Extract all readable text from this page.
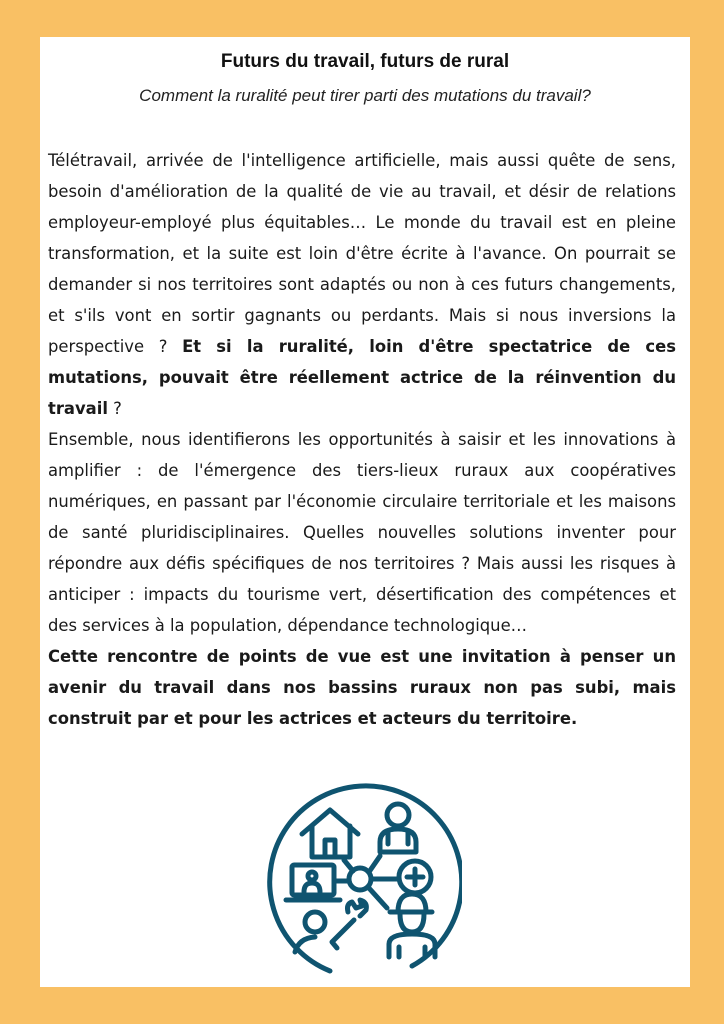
Futurs du travail, futurs de rural
Comment la ruralité peut tirer parti des mutations du travail?

Télétravail, arrivée de l'intelligence artificielle, mais aussi quête de sens, besoin d'amélioration de la qualité de vie au travail, et désir de relations employeur-employé plus équitables… Le monde du travail est en pleine transformation, et la suite est loin d'être écrite à l'avance. On pourrait se demander si nos territoires sont adaptés ou non à ces futurs changements, et s'ils vont en sortir gagnants ou perdants. Mais si nous inversions la perspective ? Et si la ruralité, loin d'être spectatrice de ces mutations, pouvait être réellement actrice de la réinvention du travail ?

Ensemble, nous identifierons les opportunités à saisir et les innovations à amplifier : de l'émergence des tiers-lieux ruraux aux coopératives numériques, en passant par l'économie circulaire territoriale et les maisons de santé pluridisciplinaires. Quelles nouvelles solutions inventer pour répondre aux défis spécifiques de nos territoires ? Mais aussi les risques à anticiper : impacts du tourisme vert, désertification des compétences et des services à la population, dépendance technologique…

Cette rencontre de points de vue est une invitation à penser un avenir du travail dans nos bassins ruraux non pas subi, mais construit par et pour les actrices et acteurs du territoire.
